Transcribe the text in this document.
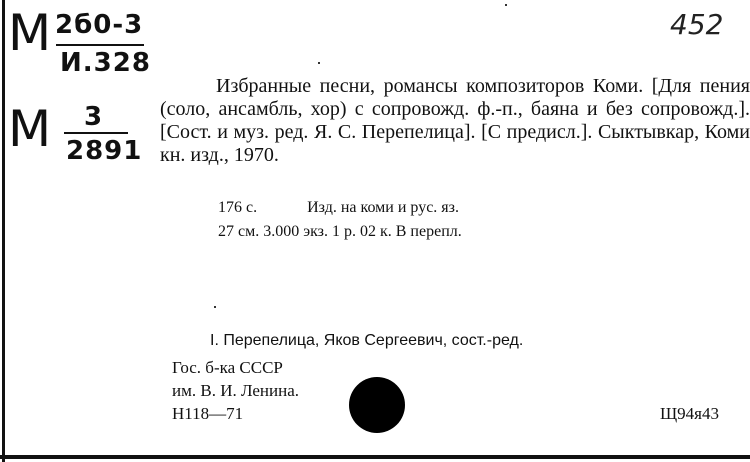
М 2б0-3
И.328
М 3
2891
452

Избранные песни, романсы композиторов Коми. [Для пения (соло, ансамбль, хор) с сопровожд. ф.-п., баяна и без сопровожд.]. [Сост. и муз. ред. Я. С. Перепелица]. [С предисл.]. Сыктывкар, Коми кн. изд., 1970.

176 с.	Изд. на коми и рус. яз.
27 см. 3.000 экз. 1 р. 02 к. В перепл.
I. Перепелица, Яков Сергеевич, сост.-ред.
Гос. б-ка СССР
им. В. И. Ленина.
Н118—71	Щ94я43
